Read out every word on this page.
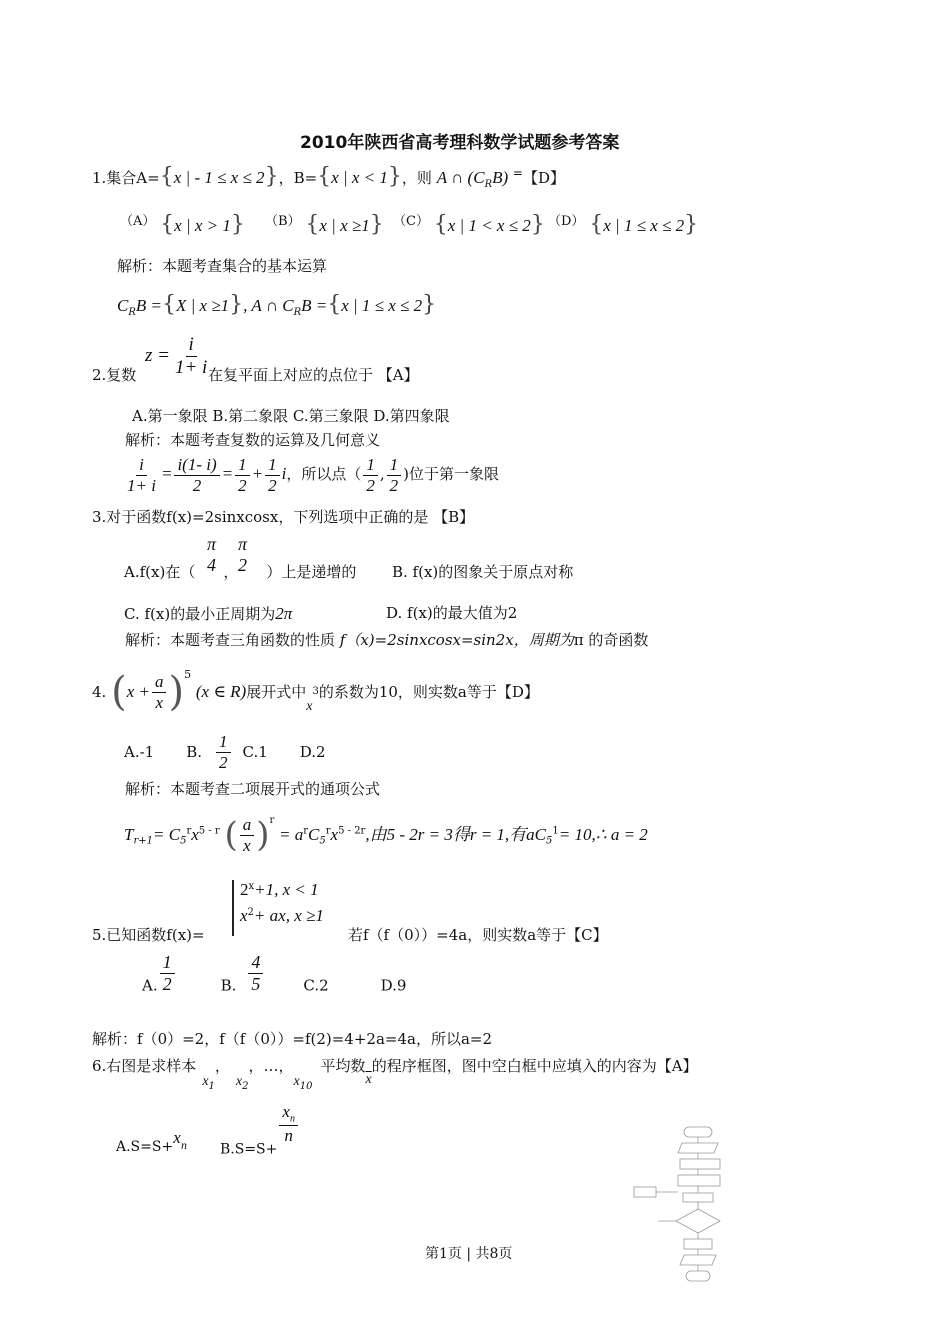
2010年陕西省高考理科数学试题参考答案
1.集合A={x | - 1 ≤ x ≤ 2}，B={x | x < 1}，则 A ∩ $(C_RB)$ =【D】
（A） {x | x > 1} （B） {x | x ≥1} （C） {x | 1 < x ≤ 2} （D） {x | 1 ≤ x ≤ 2}
解析：本题考查集合的基本运算
$C_RB =\{X$ | x ≥1}, A ∩ $C_RB =\{x$ | 1 ≤ x ≤ 2}
$z = \frac{i}{1+ i}$
2.复数	在复平面上对应的点位于 【A】
A.第一象限 B.第二象限 C.第三象限 D.第四象限
解析：本题考查复数的运算及几何意义
$\frac{i}{1+ i} = \frac{i(1- i)}{2} = \frac{1}{2} + \frac{1}{2}$ i，所以点（ $\frac{1}{2}$ , $\frac{1}{2}$ )位于第一象限
3.对于函数f(x)=2sinxcosx，下列选项中正确的是 【B】
π
4
π
2
A.f(x)在（ ， ）上是递增的 B. f(x)的图象关于原点对称
C. f(x)的最小正周期为2π	D. f(x)的最大值为2
解析：本题考查三角函数的性质 f（x)=2sinxcosx=sin2x，周期为π 的奇函数
4. $(x + \frac{a}{x} )^5$ (x ∈ R)展开式中x3的系数为10，则实数a等于【D】
A.-1 B. $\frac{1}{2} C.1$ D.2
解析：本题考查二项展开式的通项公式
$T_{r+1}= C_5^rx^{5 - r}$ ( $\frac{a}{x} )^r = a^rC_5^rx^{5 - 2r}$,由5 - 2r = 3得r = 1,有$aC_5^1=$ 10,∴ a = 2
$2^x+1$, x < 1
$x^2+$ ax, x ≥1
5.已知函数f(x)=	若f（f（0））=4a，则实数a等于【C】
A. $\frac{1}{2}$	B. $\frac{4}{5}$	C.2	D.9
解析：f（0）=2，f（f（0））=f(2)=4+2a=4a，所以a=2
6.右图是求样本$x_1$，$x_2$，…，$x_{10}$平均数$\overline{x}$的程序框图，图中空白框中应填入的内容为【A】
$A.S=S+x^n$ B.S=S+
$\frac{x_n}{n}$
第1页 | 共8页
